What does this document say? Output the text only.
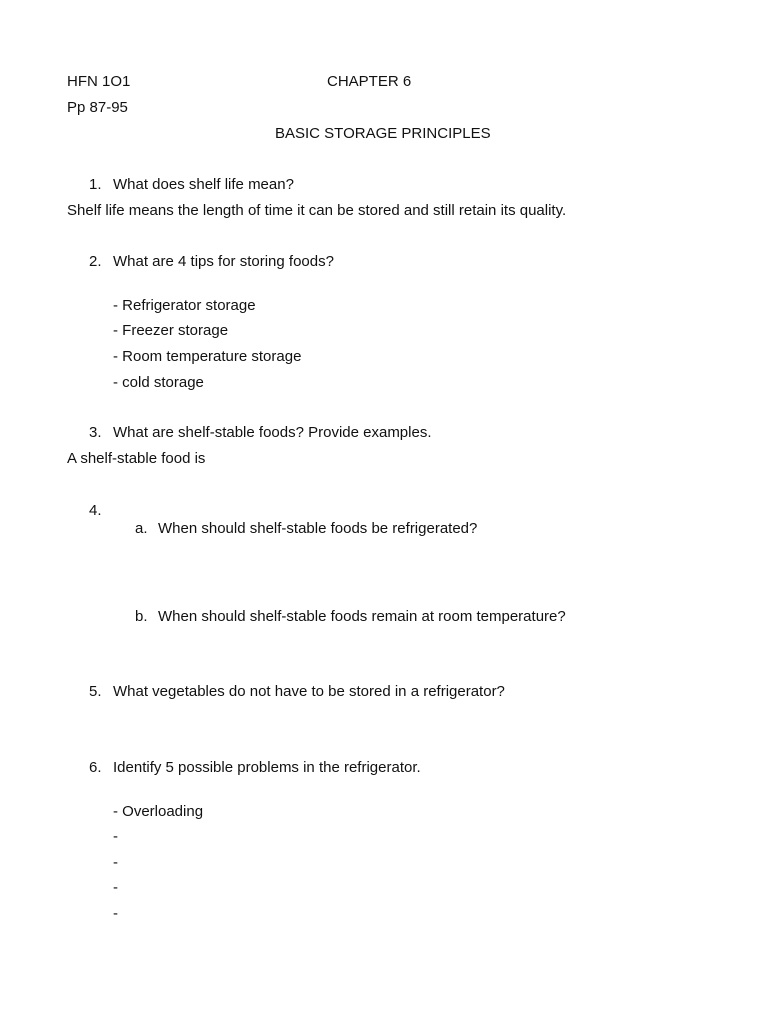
HFN 1O1	CHAPTER 6
Pp 87-95
BASIC STORAGE PRINCIPLES
1. What does shelf life mean?
Shelf life means the length of time it can be stored and still retain its quality.
2. What are 4 tips for storing foods?
- Refrigerator storage
- Freezer storage
- Room temperature storage
- cold storage
3. What are shelf-stable foods? Provide examples.
A shelf-stable food is
4.
a. When should shelf-stable foods be refrigerated?
b. When should shelf-stable foods remain at room temperature?
5. What vegetables do not have to be stored in a refrigerator?
6. Identify 5 possible problems in the refrigerator.
- Overloading
-
-
-
-
